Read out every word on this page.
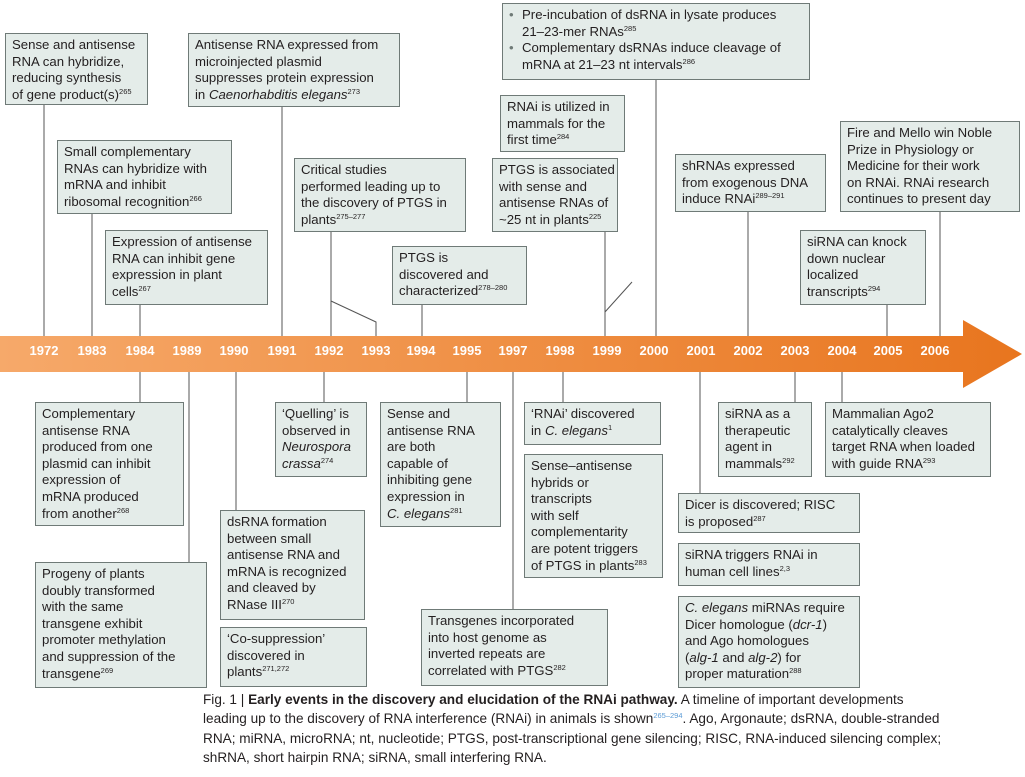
1972 1983 1984 1989 1990 1991 1992 1993 1994 1995 1997 1998 1999 2000 2001 2002 2003 2004 2005 2006
Sense and antisense
RNA can hybridize,
reducing synthesis
of gene $product(s)^{265}$
Small complementary
RNAs can hybridize with
mRNA and inhibit
ribosomal recognition$^{266}$
Expression of antisense
RNA can inhibit gene
expression in plant
cells$^{267}$
Antisense RNA expressed from
microinjected plasmid
suppresses protein expression
in Caenorhabditis elegans$^{273}$
Critical studies
performed leading up to
the discovery of PTGS in
plants$^{275-277}$
PTGS is
discovered and
characterized$^{278-280}$
RNAi is utilized in
mammals for the
first time$^{284}$
PTGS is associated
with sense and
antisense RNAs of
~25 nt in plants$^{225}$
• Pre-incubation of dsRNA in lysate produces
21–23-mer RNAs$^{285}$
• Complementary dsRNAs induce cleavage of
mRNA at 21–23 nt intervals$^{286}$
shRNAs expressed
from exogenous DNA
induce RNAi$^{289-291}$
Fire and Mello win Noble
Prize in Physiology or
Medicine for their work
on RNAi. RNAi research
continues to present day
siRNA can knock
down nuclear
localized
transcripts$^{294}$
Complementary
antisense RNA
produced from one
plasmid can inhibit
expression of
mRNA produced
from another$^{268}$
Progeny of plants
doubly transformed
with the same
transgene exhibit
promoter methylation
and suppression of the
transgene$^{269}$
dsRNA formation
between small
antisense RNA and
mRNA is recognized
and cleaved by
RNase III$^{270}$
‘Co-suppression’
discovered in
plants$^{271,272}$
‘Quelling’ is
observed in
Neurospora
crassa$^{274}$
Sense and
antisense RNA
are both
capable of
inhibiting gene
expression in
C. elegans$^{281}$
Transgenes incorporated
into host genome as
inverted repeats are
correlated with PTGS$^{282}$
‘RNAi’ discovered
in C. elegans$^1$
Sense–antisense
hybrids or
transcripts
with self
complementarity
are potent triggers
of PTGS in plants$^{283}$
Dicer is discovered; RISC
is proposed$^{287}$
siRNA triggers RNAi in
human cell lines$^{2,3}$
C. elegans miRNAs require
Dicer homologue (dcr-1)
and Ago homologues
(alg-1 and alg-2) for
proper maturation$^{288}$
siRNA as a
therapeutic
agent in
mammals$^{292}$
Mammalian Ago2
catalytically cleaves
target RNA when loaded
with guide RNA$^{293}$
Fig. 1 | Early events in the discovery and elucidation of the RNAi pathway. A timeline of important developments
leading up to the discovery of RNA interference (RNAi) in animals is shown$^{265-294}$. Ago, Argonaute; dsRNA, double-stranded
RNA; miRNA, microRNA; nt, nucleotide; PTGS, post-transcriptional gene silencing; RISC, RNA-induced silencing complex;
shRNA, short hairpin RNA; siRNA, small interfering RNA.
